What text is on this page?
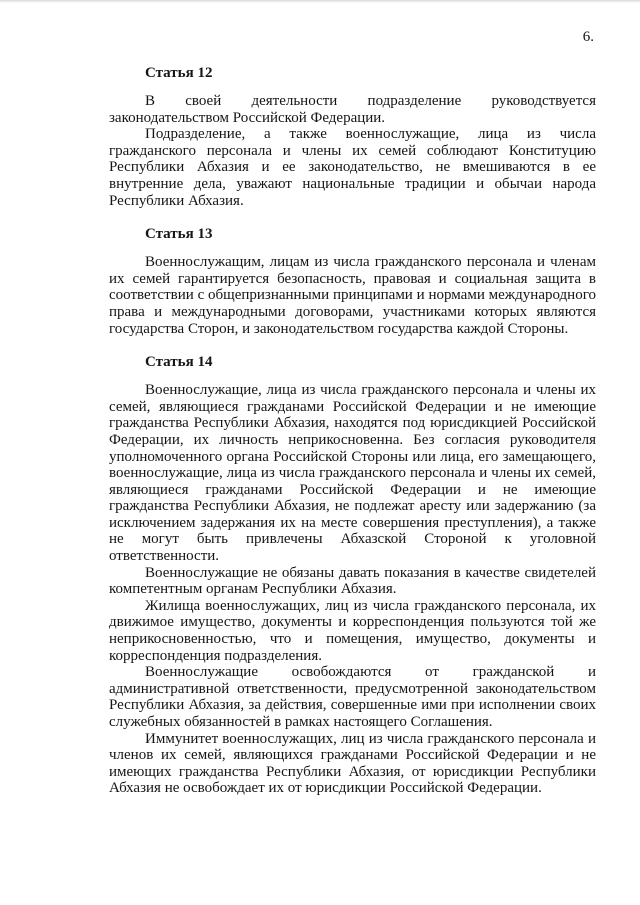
6.
Статья 12

В своей деятельности подразделение руководствуется законодательством Российской Федерации.

Подразделение, а также военнослужащие, лица из числа гражданского персонала и члены их семей соблюдают Конституцию Республики Абхазия и ее законодательство, не вмешиваются в ее внутренние дела, уважают национальные традиции и обычаи народа Республики Абхазия.

Статья 13

Военнослужащим, лицам из числа гражданского персонала и членам их семей гарантируется безопасность, правовая и социальная защита в соответствии с общепризнанными принципами и нормами международного права и международными договорами, участниками которых являются государства Сторон, и законодательством государства каждой Стороны.

Статья 14

Военнослужащие, лица из числа гражданского персонала и члены их семей, являющиеся гражданами Российской Федерации и не имеющие гражданства Республики Абхазия, находятся под юрисдикцией Российской Федерации, их личность неприкосновенна. Без согласия руководителя уполномоченного органа Российской Стороны или лица, его замещающего, военнослужащие, лица из числа гражданского персонала и члены их семей, являющиеся гражданами Российской Федерации и не имеющие гражданства Республики Абхазия, не подлежат аресту или задержанию (за исключением задержания их на месте совершения преступления), а также не могут быть привлечены Абхазской Стороной к уголовной ответственности.

Военнослужащие не обязаны давать показания в качестве свидетелей компетентным органам Республики Абхазия.

Жилища военнослужащих, лиц из числа гражданского персонала, их движимое имущество, документы и корреспонденция пользуются той же неприкосновенностью, что и помещения, имущество, документы и корреспонденция подразделения.

Военнослужащие освобождаются от гражданской и административной ответственности, предусмотренной законодательством Республики Абхазия, за действия, совершенные ими при исполнении своих служебных обязанностей в рамках настоящего Соглашения.

Иммунитет военнослужащих, лиц из числа гражданского персонала и членов их семей, являющихся гражданами Российской Федерации и не имеющих гражданства Республики Абхазия, от юрисдикции Республики Абхазия не освобождает их от юрисдикции Российской Федерации.
